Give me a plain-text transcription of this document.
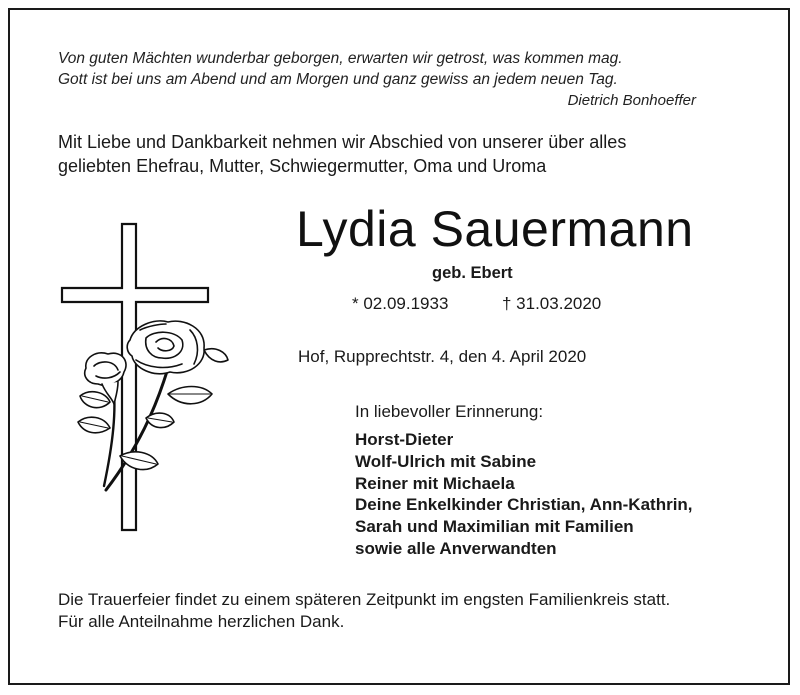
Von guten Mächten wunderbar geborgen, erwarten wir getrost, was kommen mag.
Gott ist bei uns am Abend und am Morgen und ganz gewiss an jedem neuen Tag.
Dietrich Bonhoeffer
Mit Liebe und Dankbarkeit nehmen wir Abschied von unserer über alles
geliebten Ehefrau, Mutter, Schwiegermutter, Oma und Uroma
Lydia Sauermann
geb. Ebert
* 02.09.1933	† 31.03.2020
Hof, Rupprechtstr. 4, den 4. April 2020
In liebevoller Erinnerung:
Horst-Dieter
Wolf-Ulrich mit Sabine
Reiner mit Michaela
Deine Enkelkinder Christian, Ann-Kathrin,
Sarah und Maximilian mit Familien
sowie alle Anverwandten
Die Trauerfeier findet zu einem späteren Zeitpunkt im engsten Familienkreis statt.
Für alle Anteilnahme herzlichen Dank.
